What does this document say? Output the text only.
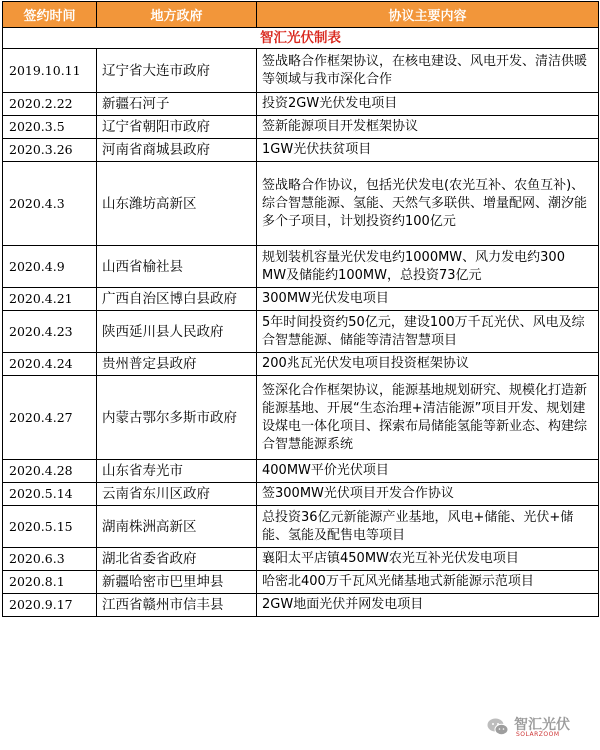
签约时间	地方政府	协议主要内容
智汇光伏制表		
2019.10.11	辽宁省大连市政府	签战略合作框架协议，在核电建设、风电开发、清洁供暖等领域与我市深化合作
2020.2.22	新疆石河子	投资2GW光伏发电项目
2020.3.5	辽宁省朝阳市政府	签新能源项目开发框架协议
2020.3.26	河南省商城县政府	1GW光伏扶贫项目
2020.4.3	山东潍坊高新区	签战略合作协议，包括光伏发电(农光互补、农鱼互补)、综合智慧能源、氢能、天然气多联供、增量配网、潮汐能多个子项目，计划投资约100亿元
2020.4.9	山西省榆社县	规划装机容量光伏发电约1000MW、风力发电约300 MW及储能约100MW，总投资73亿元
2020.4.21	广西自治区博白县政府	300MW光伏发电项目
2020.4.23	陕西延川县人民政府	5年时间投资约50亿元，建设100万千瓦光伏、风电及综合智慧能源、储能等清洁智慧项目
2020.4.24	贵州普定县政府	200兆瓦光伏发电项目投资框架协议
2020.4.27	内蒙古鄂尔多斯市政府	签深化合作框架协议，能源基地规划研究、规模化打造新能源基地、开展“生态治理+清洁能源”项目开发、规划建设煤电一体化项目、探索布局储能氢能等新业态、构建综合智慧能源系统
2020.4.28	山东省寿光市	400MW平价光伏项目
2020.5.14	云南省东川区政府	签300MW光伏项目开发合作协议
2020.5.15	湖南株洲高新区	总投资36亿元新能源产业基地，风电+储能、光伏+储能、氢能及配售电等项目
2020.6.3	湖北省委省政府	襄阳太平店镇450MW农光互补光伏发电项目
2020.8.1	新疆哈密市巴里坤县	哈密北400万千瓦风光储基地式新能源示范项目
2020.9.17	江西省赣州市信丰县	2GW地面光伏并网发电项目
智汇光伏
SOLARZOOM
